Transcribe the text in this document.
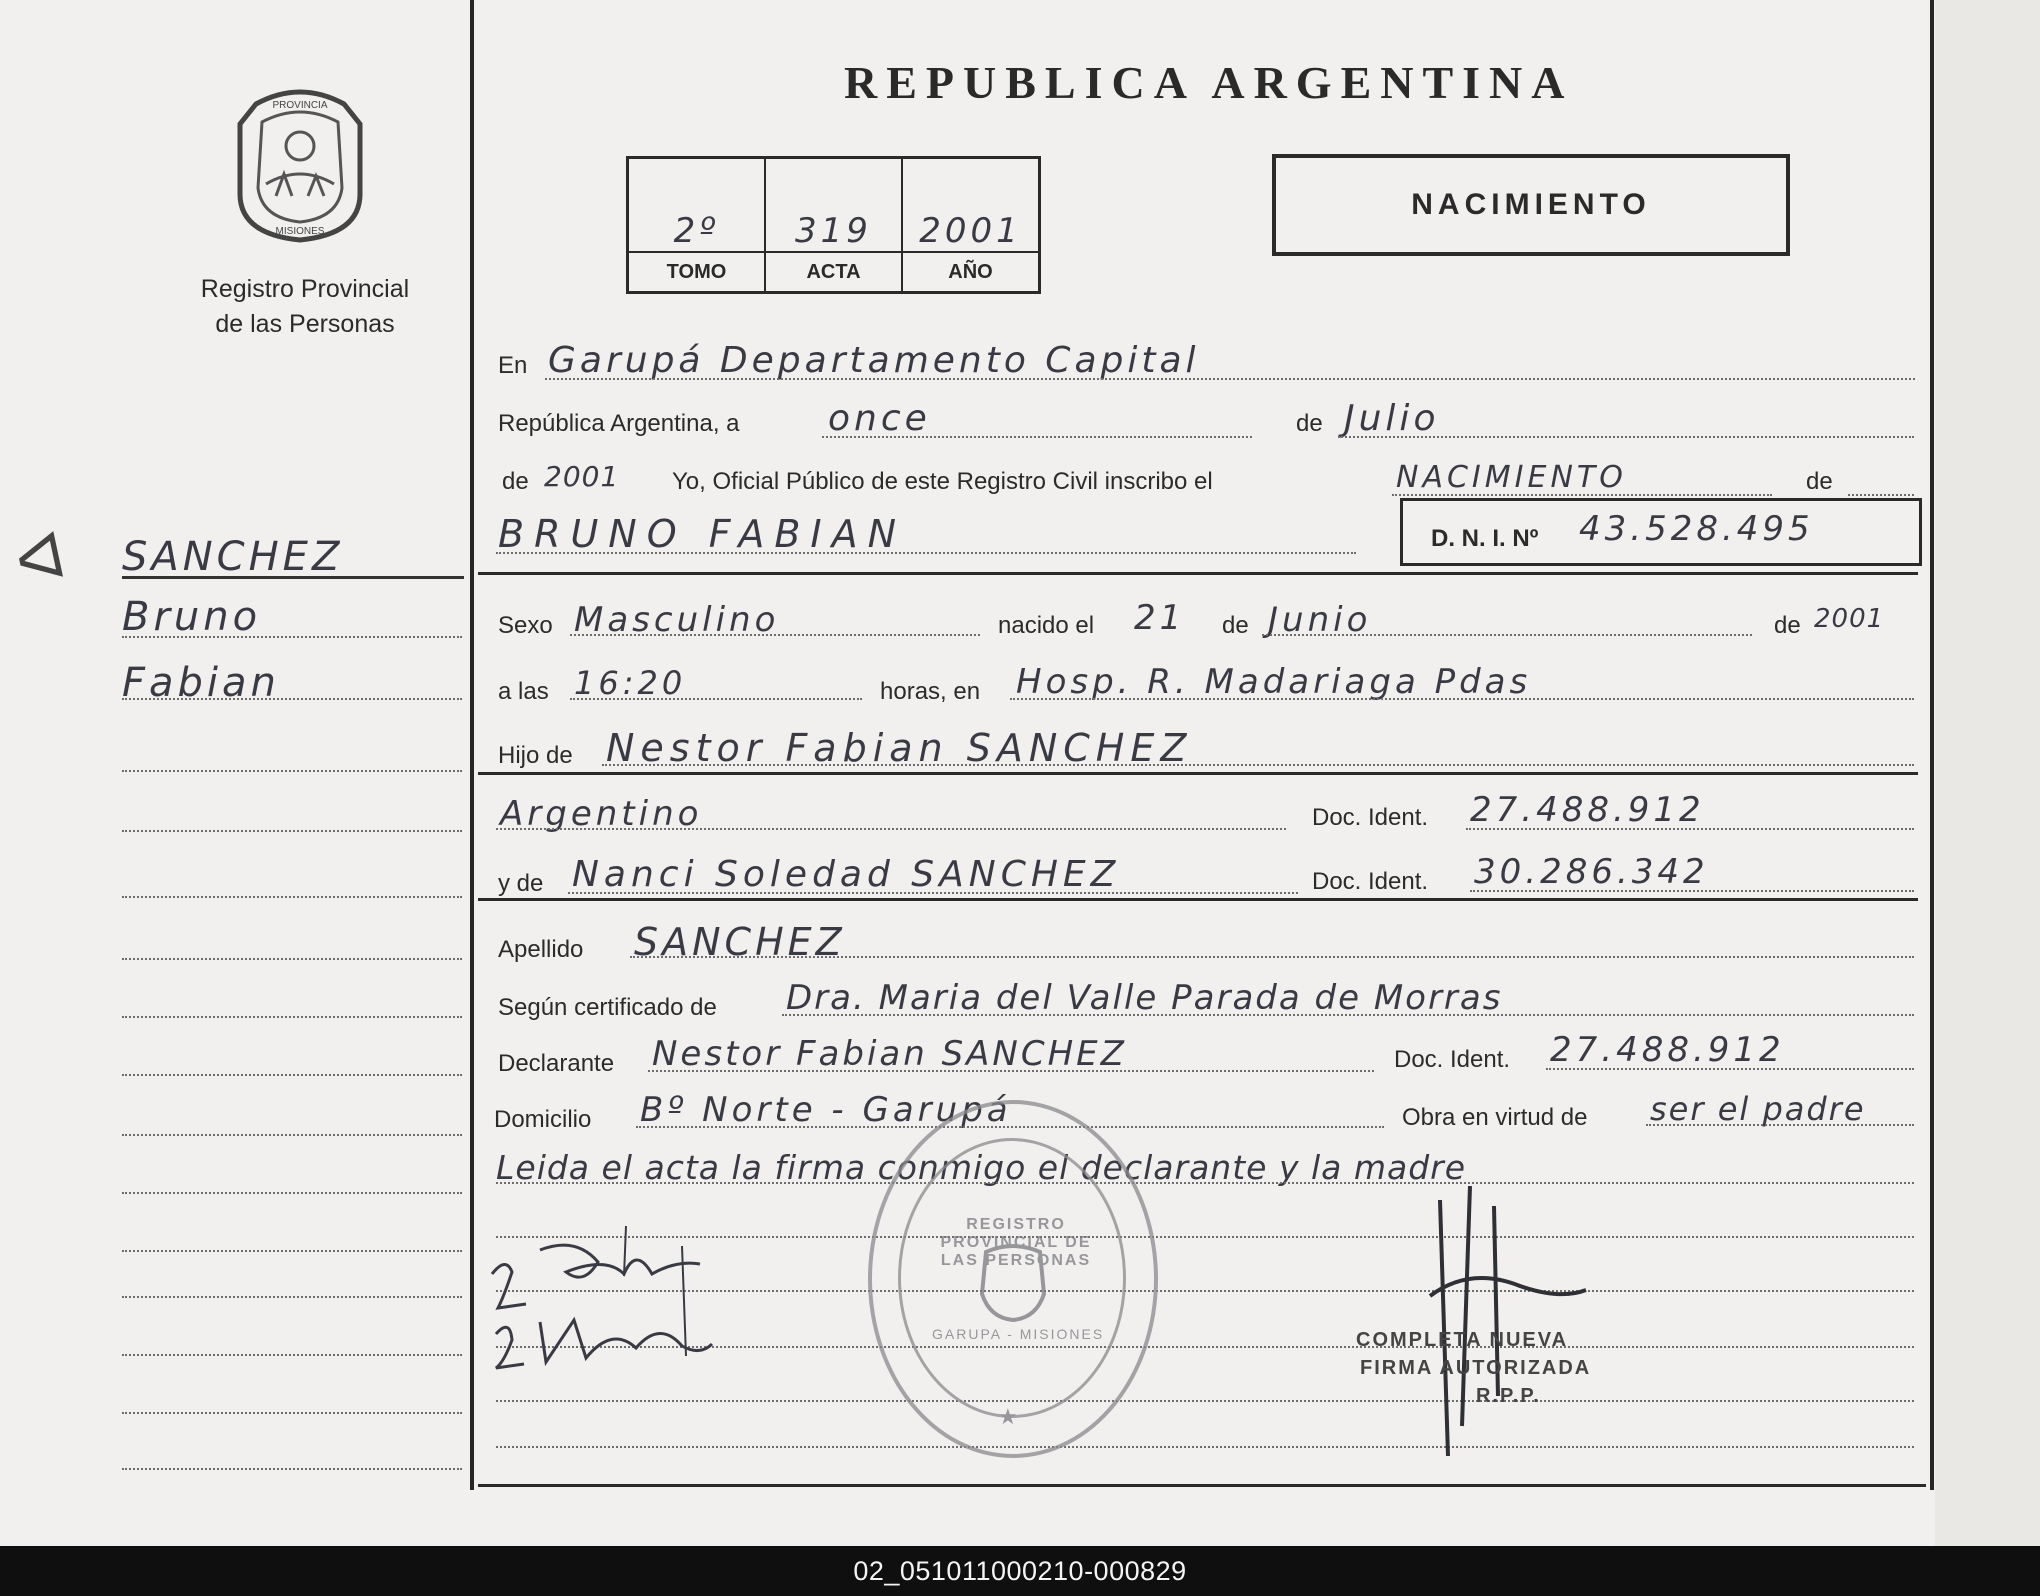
PROVINCIA
MISIONES
Registro Provincial
de las Personas
ᐊ SANCHEZ
Bruno
Fabian
REPUBLICA ARGENTINA
2º	319	2001
TOMO	ACTA	AÑO
NACIMIENTO
En Garupá Departamento Capital
República Argentina, a once	de Julio
de 2001 Yo, Oficial Público de este Registro Civil inscribo el	NACIMIENTO	de
BRUNO FABIAN	D. N. I. Nº 43.528.495
Sexo Masculino	nacido el 21 de Junio	de 2001
a las 16:20	horas, en Hosp. R. Madariaga Pdas
Hijo de Nestor Fabian SANCHEZ
Argentino	Doc. Ident. 27.488.912
y de Nanci Soledad SANCHEZ	Doc. Ident. 30.286.342
Apellido SANCHEZ
Según certificado de Dra. Maria del Valle Parada de Morras
Declarante Nestor Fabian SANCHEZ	Doc. Ident. 27.488.912
Domicilio Bº Norte - Garupá	Obra en virtud de ser el padre
Leida el acta la firma conmigo el declarante y la madre
REGISTRO PROVINCIAL DE LAS PERSONAS
GARUPA - MISIONES
★
COMPLETA NUEVA
FIRMA AUTORIZADA
R.P.P.
02_051011000210-000829
